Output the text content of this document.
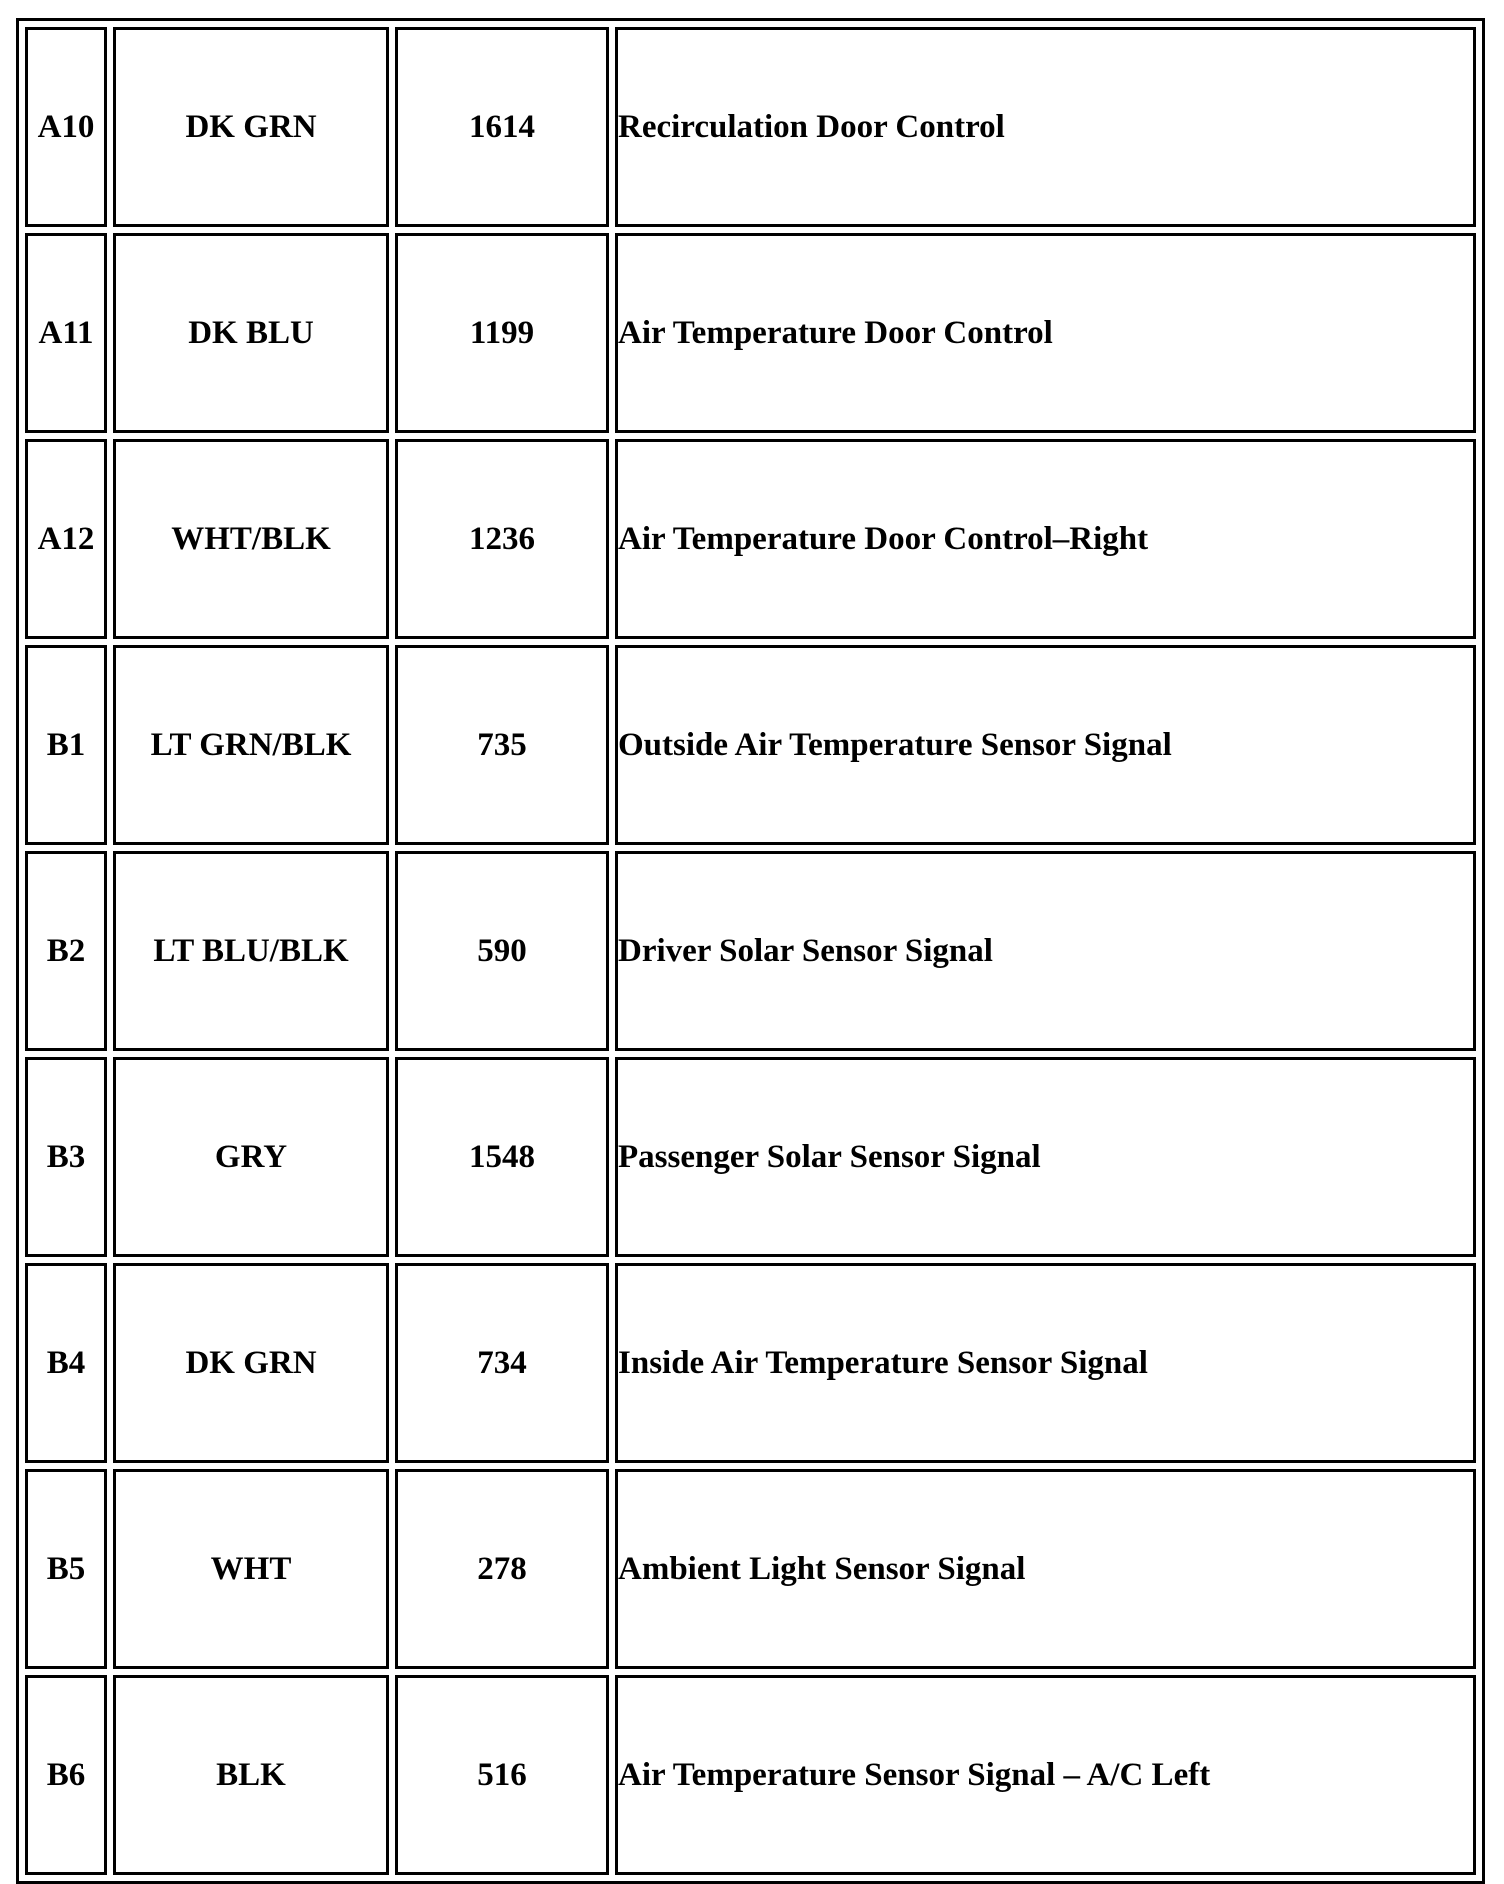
A10	DK GRN	1614	Recirculation Door Control
A11	DK BLU	1199	Air Temperature Door Control
A12	WHT/BLK	1236	Air Temperature Door Control–Right
B1	LT GRN/BLK	735	Outside Air Temperature Sensor Signal
B2	LT BLU/BLK	590	Driver Solar Sensor Signal
B3	GRY	1548	Passenger Solar Sensor Signal
B4	DK GRN	734	Inside Air Temperature Sensor Signal
B5	WHT	278	Ambient Light Sensor Signal
B6	BLK	516	Air Temperature Sensor Signal – A/C Left
